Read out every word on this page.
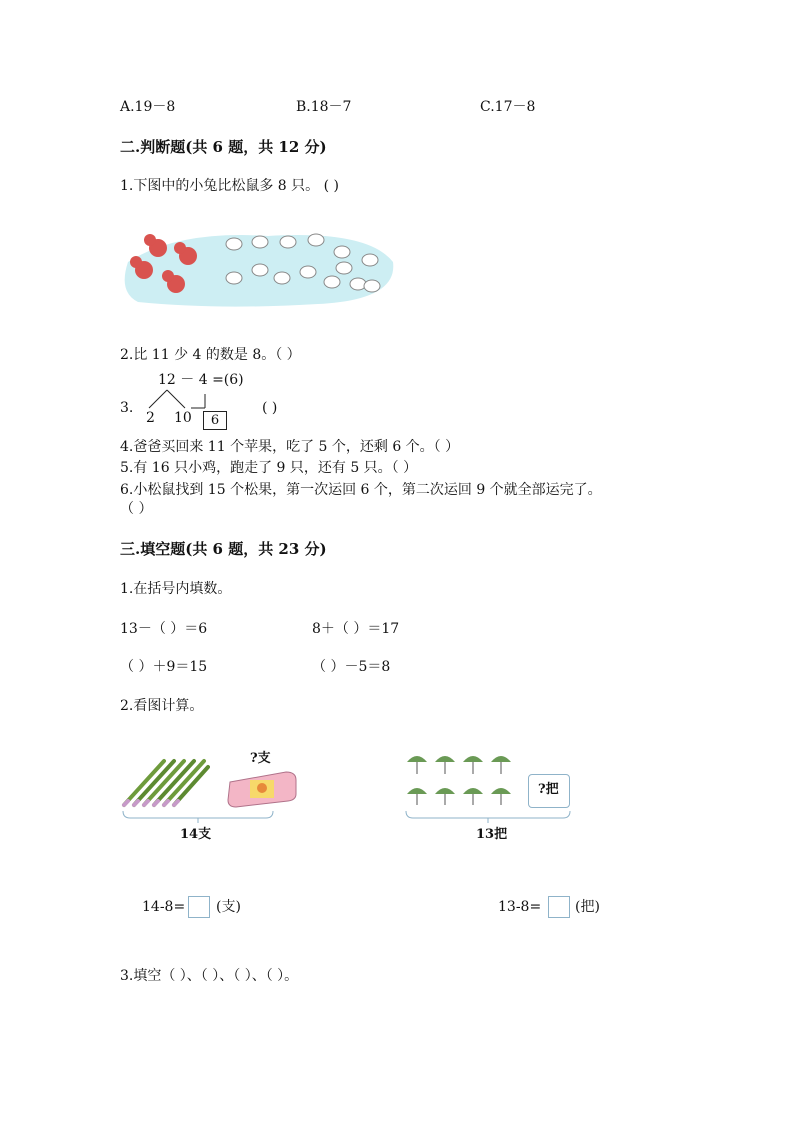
A.19－8	B.18－7	C.17－8
二.判断题(共 6 题，共 12 分)
1.下图中的小兔比松鼠多 8 只。 ( )
2.比 11 少 4 的数是 8。（ ）
12 － 4 =(6)
3.
2 10	6
( )
4.爸爸买回来 11 个苹果，吃了 5 个，还剩 6 个。（ ）
5.有 16 只小鸡，跑走了 9 只，还有 5 只。（ ）
6.小松鼠找到 15 个松果，第一次运回 6 个，第二次运回 9 个就全部运完了。
（ ）
三.填空题(共 6 题，共 23 分)
1.在括号内填数。
13－（ ）＝6	8＋（ ）＝17
（ ）＋9＝15	（ ）－5＝8
2.看图计算。
?支
14支
?把
13把
14-8= (支)	13-8= (把)
3.填空（ ）、（ ）、（ ）、（ ）。
